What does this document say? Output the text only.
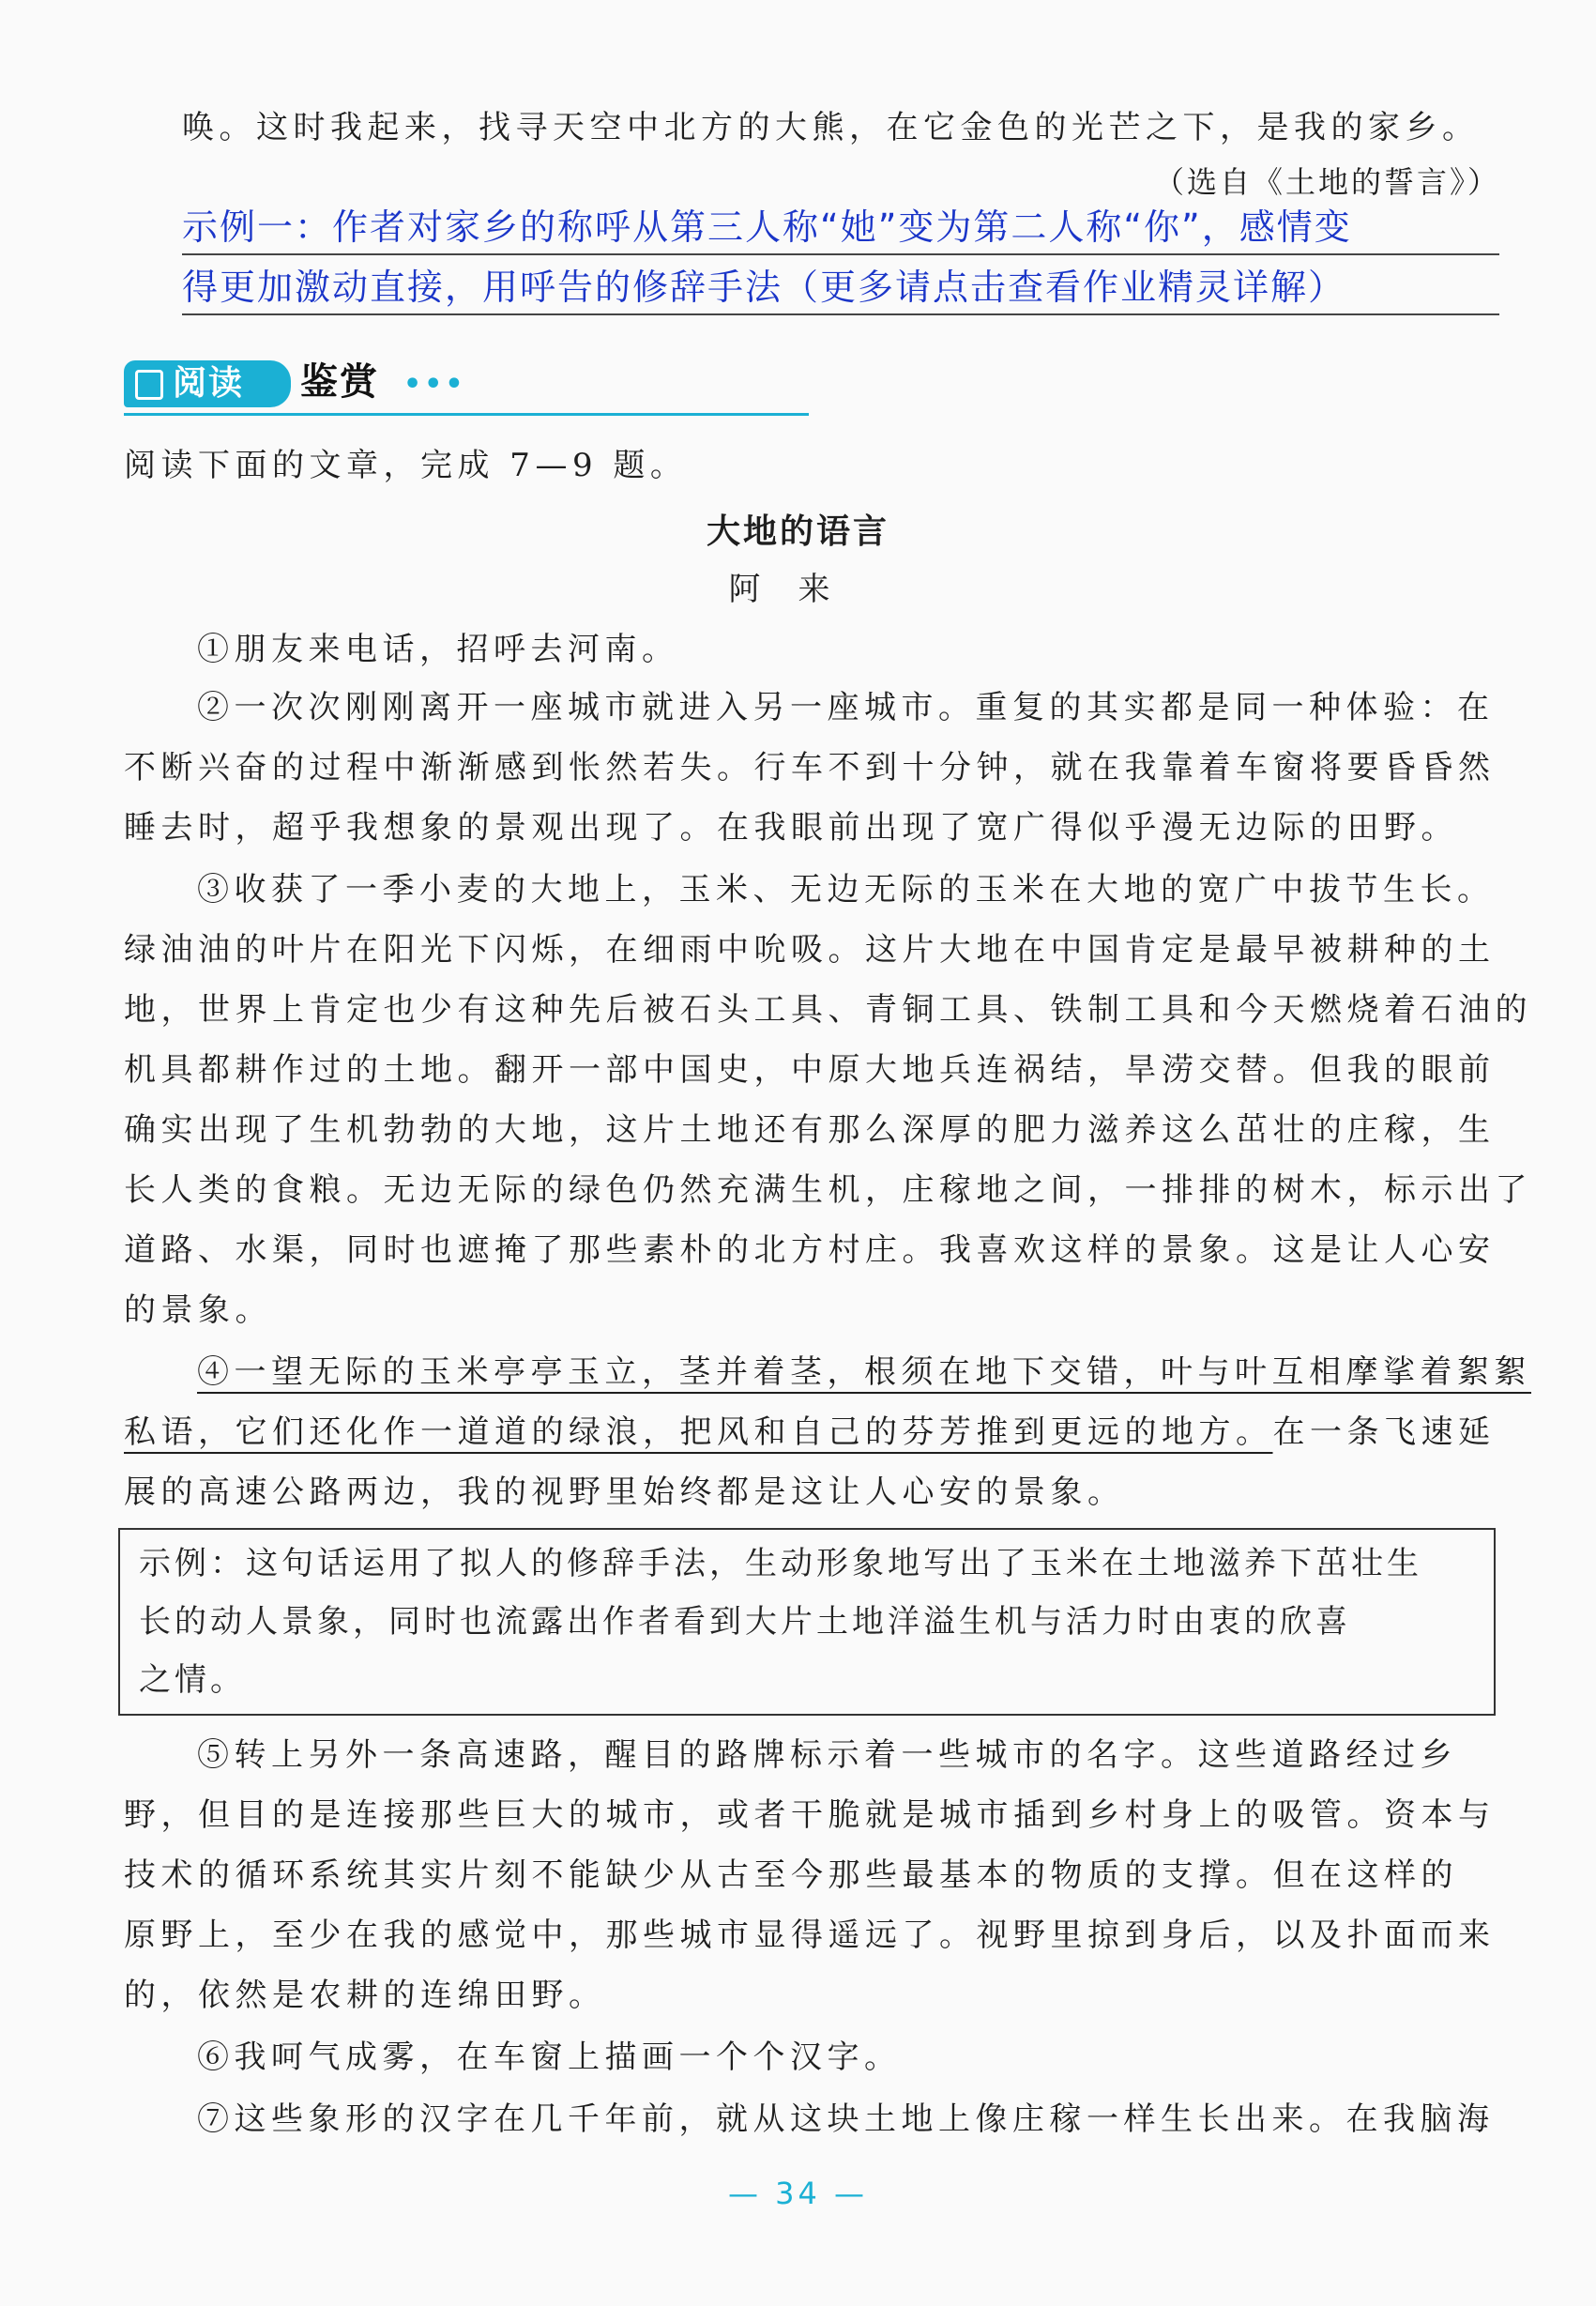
唤。这时我起来，找寻天空中北方的大熊，在它金色的光芒之下，是我的家乡。
（选自《土地的誓言》）
示例一：作者对家乡的称呼从第三人称“她”变为第二人称“你”，感情变
得更加激动直接，用呼告的修辞手法（更多请点击查看作业精灵详解）
阅读 鉴赏 •••
阅读下面的文章，完成 7—9 题。
大地的语言
阿来
①朋友来电话，招呼去河南。
②一次次刚刚离开一座城市就进入另一座城市。重复的其实都是同一种体验：在
不断兴奋的过程中渐渐感到怅然若失。行车不到十分钟，就在我靠着车窗将要昏昏然
睡去时，超乎我想象的景观出现了。在我眼前出现了宽广得似乎漫无边际的田野。
③收获了一季小麦的大地上，玉米、无边无际的玉米在大地的宽广中拔节生长。
绿油油的叶片在阳光下闪烁，在细雨中吮吸。这片大地在中国肯定是最早被耕种的土
地，世界上肯定也少有这种先后被石头工具、青铜工具、铁制工具和今天燃烧着石油的
机具都耕作过的土地。翻开一部中国史，中原大地兵连祸结，旱涝交替。但我的眼前
确实出现了生机勃勃的大地，这片土地还有那么深厚的肥力滋养这么茁壮的庄稼，生
长人类的食粮。无边无际的绿色仍然充满生机，庄稼地之间，一排排的树木，标示出了
道路、水渠，同时也遮掩了那些素朴的北方村庄。我喜欢这样的景象。这是让人心安
的景象。
④一望无际的玉米亭亭玉立，茎并着茎，根须在地下交错，叶与叶互相摩挲着絮絮
私语，它们还化作一道道的绿浪，把风和自己的芬芳推到更远的地方。在一条飞速延
展的高速公路两边，我的视野里始终都是这让人心安的景象。
示例：这句话运用了拟人的修辞手法，生动形象地写出了玉米在土地滋养下茁壮生
长的动人景象，同时也流露出作者看到大片土地洋溢生机与活力时由衷的欣喜
之情。
⑤转上另外一条高速路，醒目的路牌标示着一些城市的名字。这些道路经过乡
野，但目的是连接那些巨大的城市，或者干脆就是城市插到乡村身上的吸管。资本与
技术的循环系统其实片刻不能缺少从古至今那些最基本的物质的支撑。但在这样的
原野上，至少在我的感觉中，那些城市显得遥远了。视野里掠到身后，以及扑面而来
的，依然是农耕的连绵田野。
⑥我呵气成雾，在车窗上描画一个个汉字。
⑦这些象形的汉字在几千年前，就从这块土地上像庄稼一样生长出来。在我脑海
— 34 —
